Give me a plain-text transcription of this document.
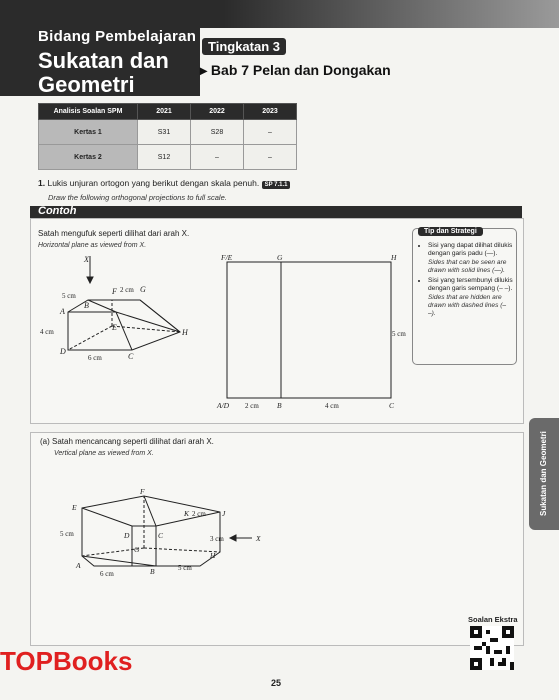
Bidang Pembelajaran
Sukatan dan
Geometri
Tingkatan 3
▸ Bab 7 Pelan dan Dongakan
Analisis Soalan SPM	2021	2022	2023
Kertas 1	S31	S28	–
Kertas 2	S12	–	–
1. Lukis unjuran ortogon yang berikut dengan skala penuh. SP 7.1.1
Draw the following orthogonal projections to full scale.
Contoh
Satah mengufuk seperti dilihat dari arah X.
Horizontal plane as viewed from X.
X
A
B
C
D
E
F	G
H
5 cm
2 cm
4 cm
6 cm
F/E	G	H
A/D	B	C
2 cm	4 cm
5 cm
Tip dan Strategi
• Sisi yang dapat dilihat dilukis dengan garis padu (—).
Sides that can be seen are drawn with solid lines (—).
• Sisi yang tersembunyi dilukis dengan garis sempang (– –).
Sides that are hidden are drawn with dashed lines (– –).
(a) Satah mencancang seperti dilihat dari arah X.
Vertical plane as viewed from X.
E
F
D	C
K	J
G
H
A
B
X
5 cm
6 cm
5 cm
2 cm
3 cm
Sukatan dan Geometri
Soalan Ekstra
TOPBooks
25
